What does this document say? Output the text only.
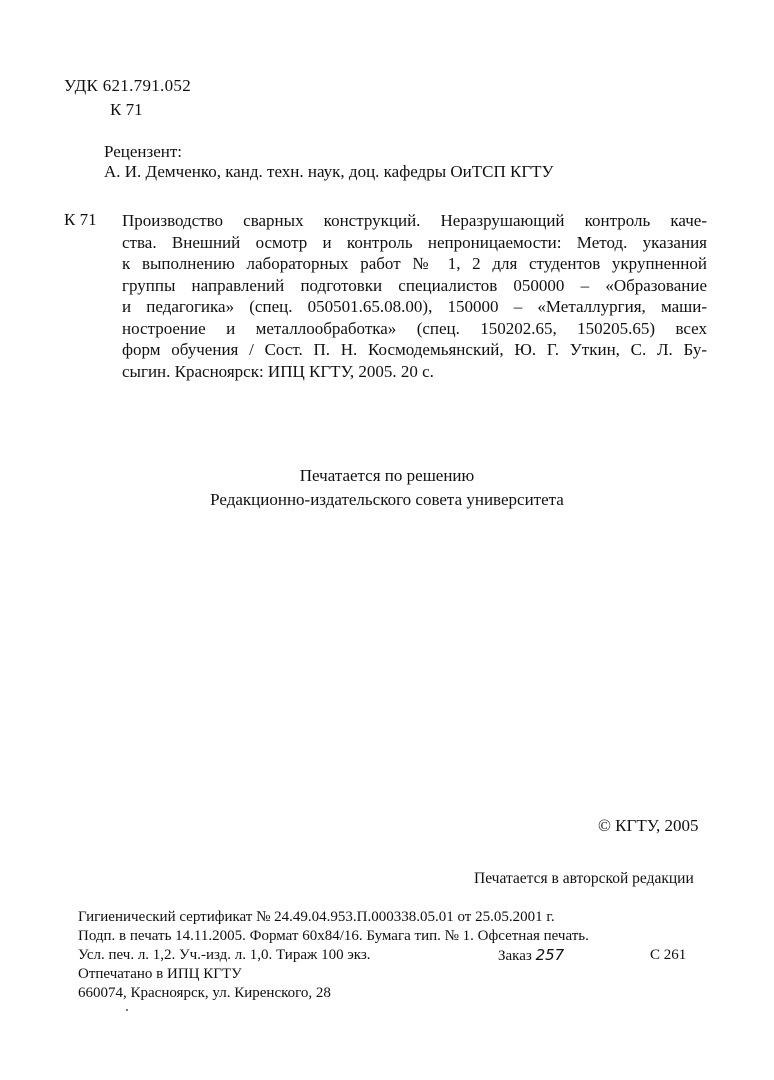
УДК 621.791.052
К 71
Рецензент:
А. И. Демченко, канд. техн. наук, доц. кафедры ОиТСП КГТУ
К 71 Производство сварных конструкций. Неразрушающий контроль каче-
ства. Внешний осмотр и контроль непроницаемости: Метод. указания
к выполнению лабораторных работ № 1, 2 для студентов укрупненной
группы направлений подготовки специалистов 050000 – «Образование
и педагогика» (спец. 050501.65.08.00), 150000 – «Металлургия, маши-
ностроение и металлообработка» (спец. 150202.65, 150205.65) всех
форм обучения / Сост. П. Н. Космодемьянский, Ю. Г. Уткин, С. Л. Бу-
сыгин. Красноярск: ИПЦ КГТУ, 2005. 20 с.
Печатается по решению
Редакционно-издательского совета университета
© КГТУ, 2005
Печатается в авторской редакции
Гигиенический сертификат № 24.49.04.953.П.000338.05.01 от 25.05.2001 г.
Подп. в печать 14.11.2005. Формат 60х84/16. Бумага тип. № 1. Офсетная печать.
Усл. печ. л. 1,2. Уч.-изд. л. 1,0. Тираж 100 экз.	Заказ 257	С 261
Отпечатано в ИПЦ КГТУ
660074, Красноярск, ул. Киренского, 28
